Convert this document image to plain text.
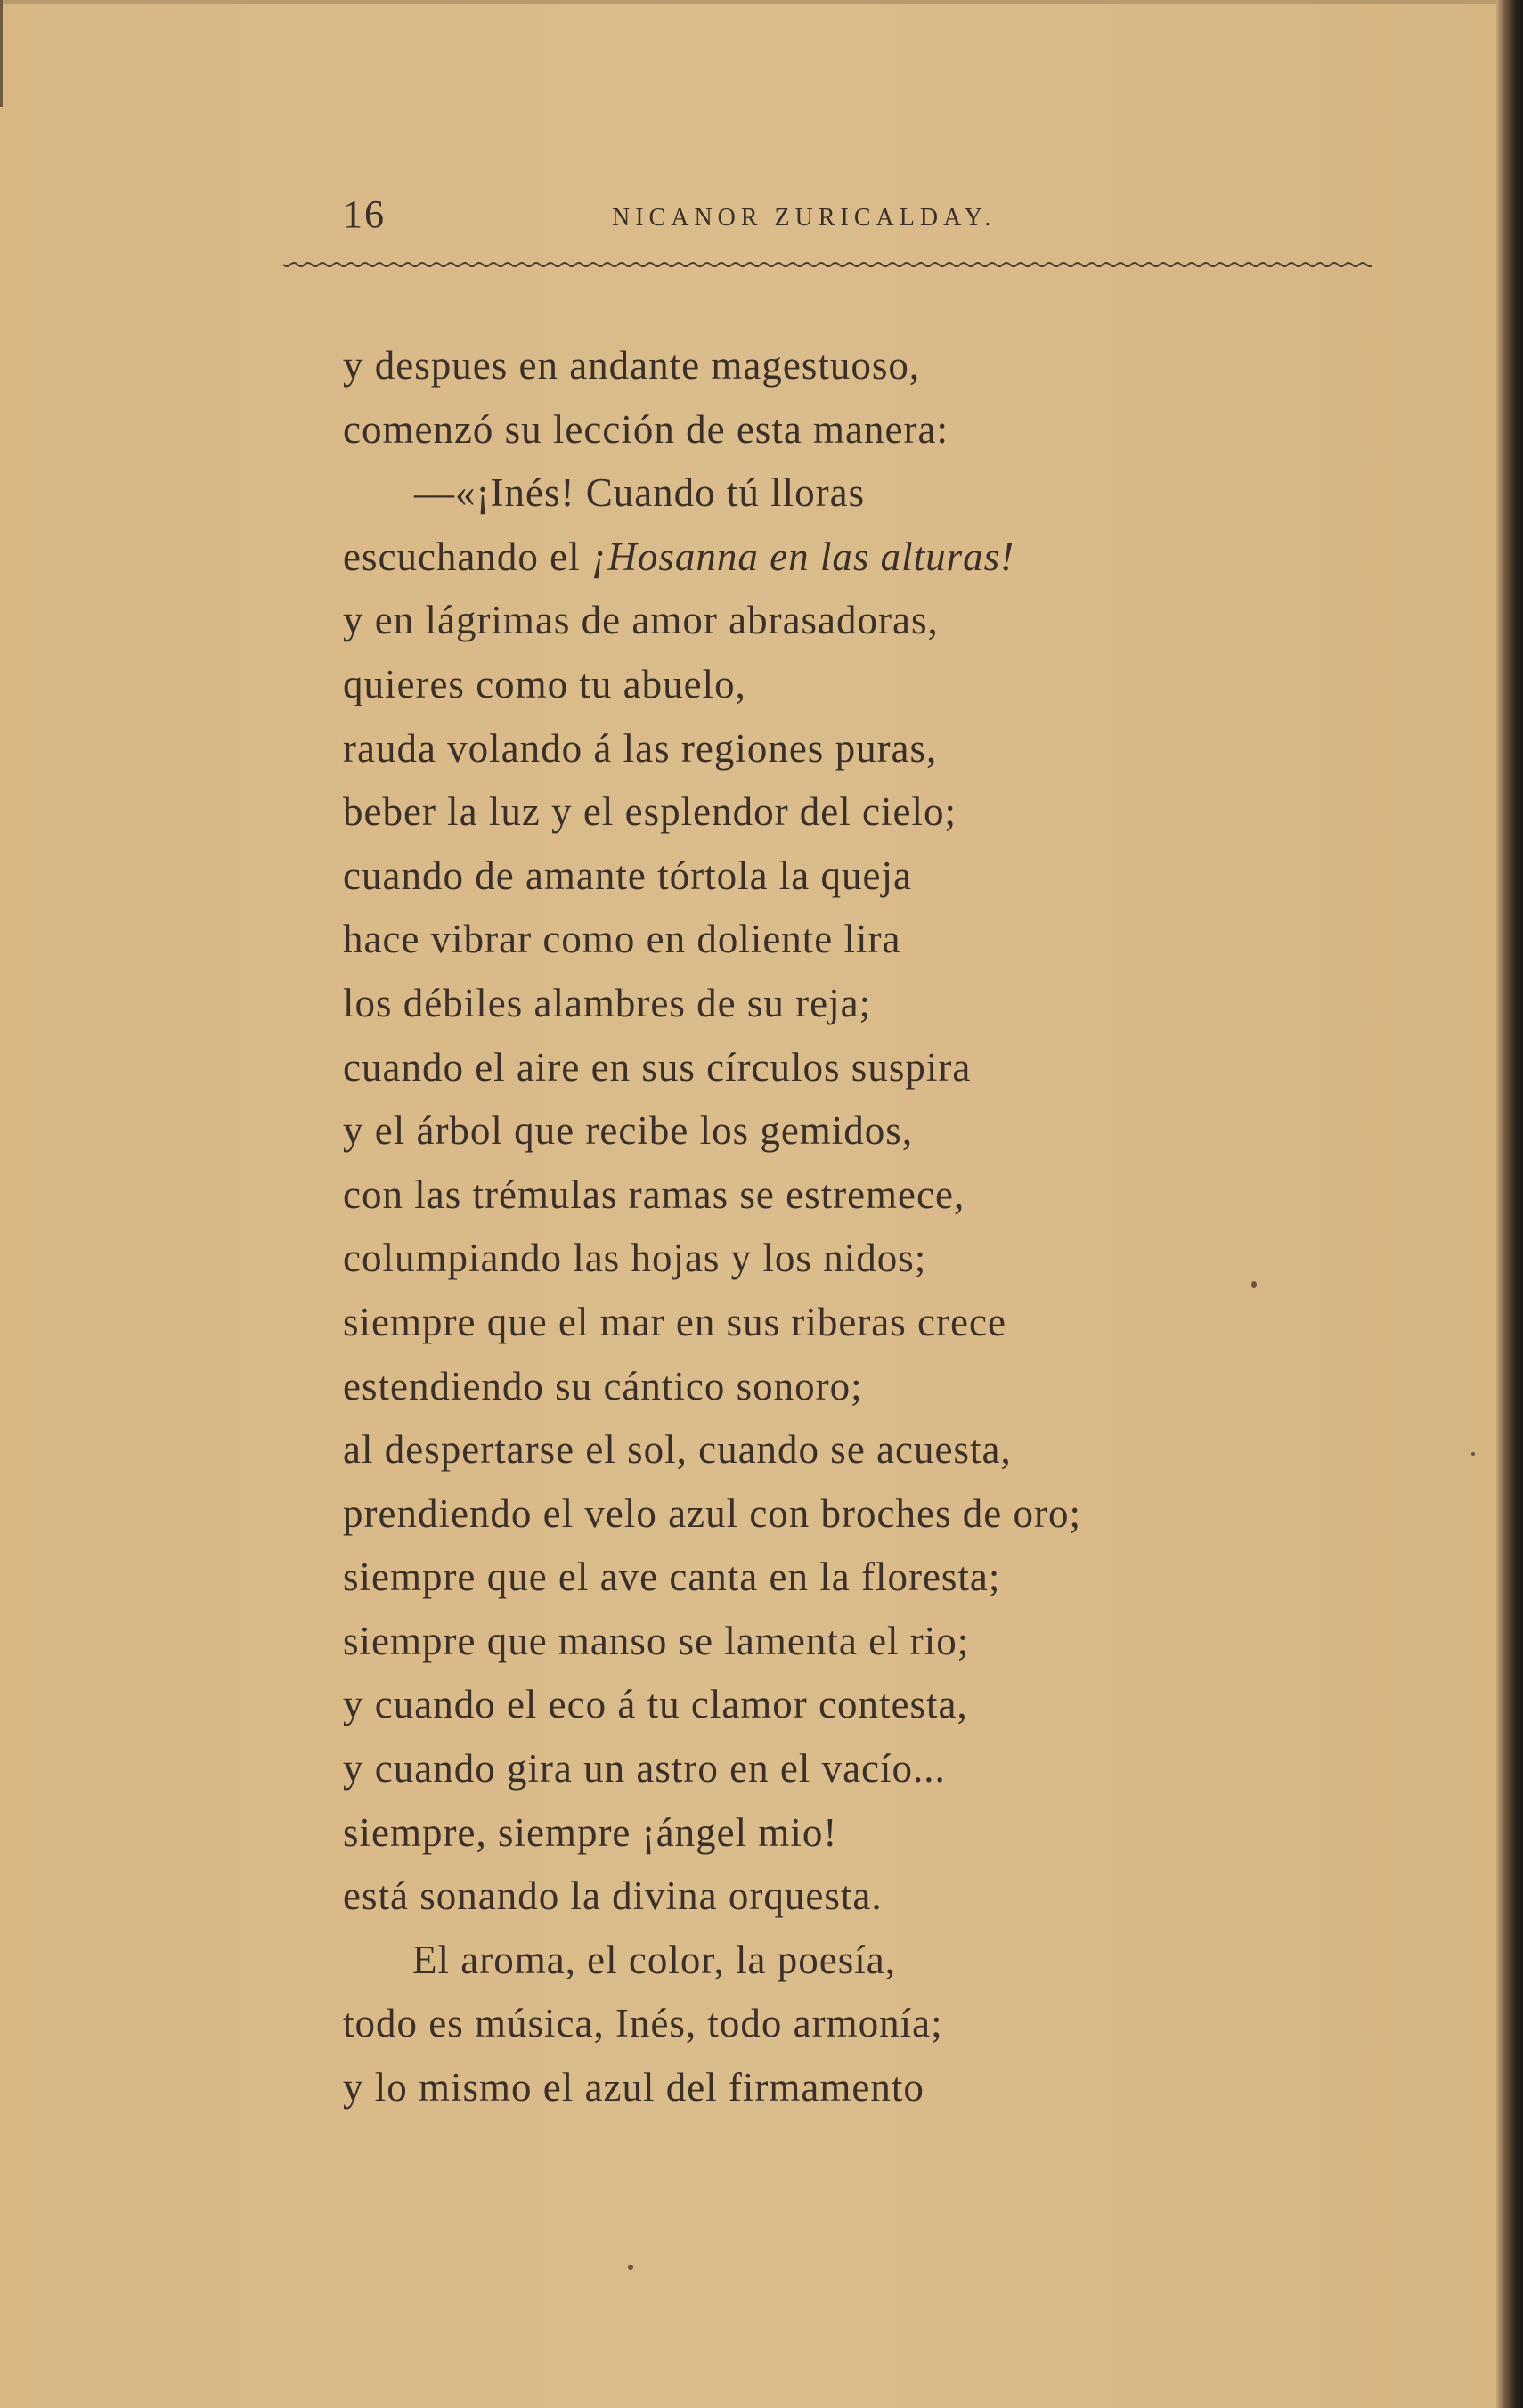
16	NICANOR ZURICALDAY.
y despues en andante magestuoso,
comenzó su lección de esta manera:
—«¡Inés! Cuando tú lloras
escuchando el ¡Hosanna en las alturas!
y en lágrimas de amor abrasadoras,
quieres como tu abuelo,
rauda volando á las regiones puras,
beber la luz y el esplendor del cielo;
cuando de amante tórtola la queja
hace vibrar como en doliente lira
los débiles alambres de su reja;
cuando el aire en sus círculos suspira
y el árbol que recibe los gemidos,
con las trémulas ramas se estremece,
columpiando las hojas y los nidos;
siempre que el mar en sus riberas crece
estendiendo su cántico sonoro;
al despertarse el sol, cuando se acuesta,
prendiendo el velo azul con broches de oro;
siempre que el ave canta en la floresta;
siempre que manso se lamenta el rio;
y cuando el eco á tu clamor contesta,
y cuando gira un astro en el vacío...
siempre, siempre ¡ángel mio!
está sonando la divina orquesta.
El aroma, el color, la poesía,
todo es música, Inés, todo armonía;
y lo mismo el azul del firmamento
